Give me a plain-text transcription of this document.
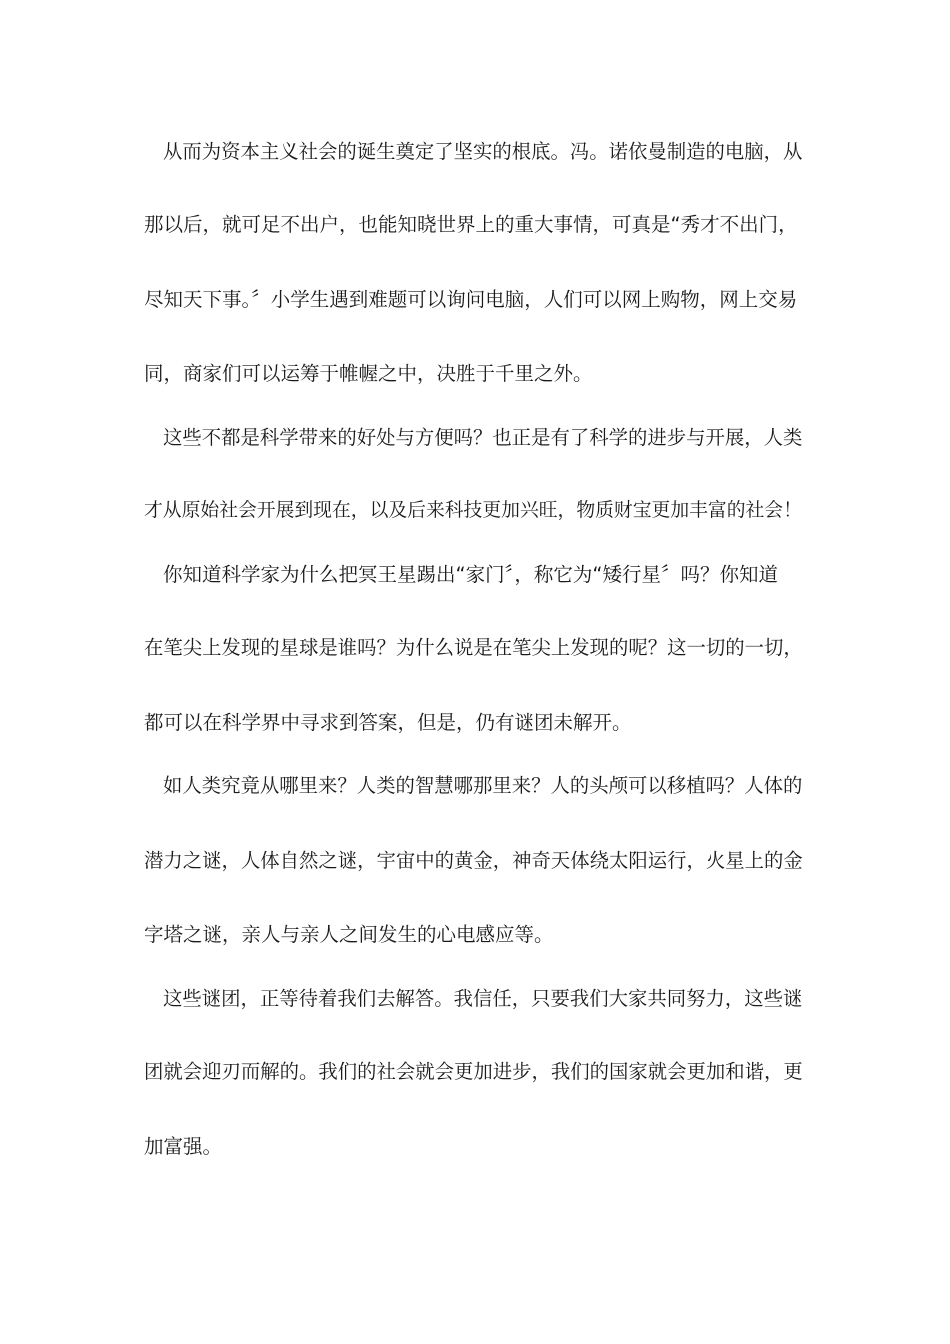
从而为资本主义社会的诞生奠定了坚实的根底。冯。诺依曼制造的电脑，从
那以后，就可足不出户，也能知晓世界上的重大事情，可真是“秀才不出门，
尽知天下事。〞小学生遇到难题可以询问电脑，人们可以网上购物，网上交易
同，商家们可以运筹于帷幄之中，决胜于千里之外。
这些不都是科学带来的好处与方便吗？也正是有了科学的进步与开展，人类
才从原始社会开展到现在，以及后来科技更加兴旺，物质财宝更加丰富的社会！
你知道科学家为什么把冥王星踢出“家门〞，称它为“矮行星〞吗？你知道
在笔尖上发现的星球是谁吗？为什么说是在笔尖上发现的呢？这一切的一切，
都可以在科学界中寻求到答案，但是，仍有谜团未解开。
如人类究竟从哪里来？人类的智慧哪那里来？人的头颅可以移植吗？人体的
潜力之谜，人体自然之谜，宇宙中的黄金，神奇天体绕太阳运行，火星上的金
字塔之谜，亲人与亲人之间发生的心电感应等。
这些谜团，正等待着我们去解答。我信任，只要我们大家共同努力，这些谜
团就会迎刃而解的。我们的社会就会更加进步，我们的国家就会更加和谐，更
加富强。
